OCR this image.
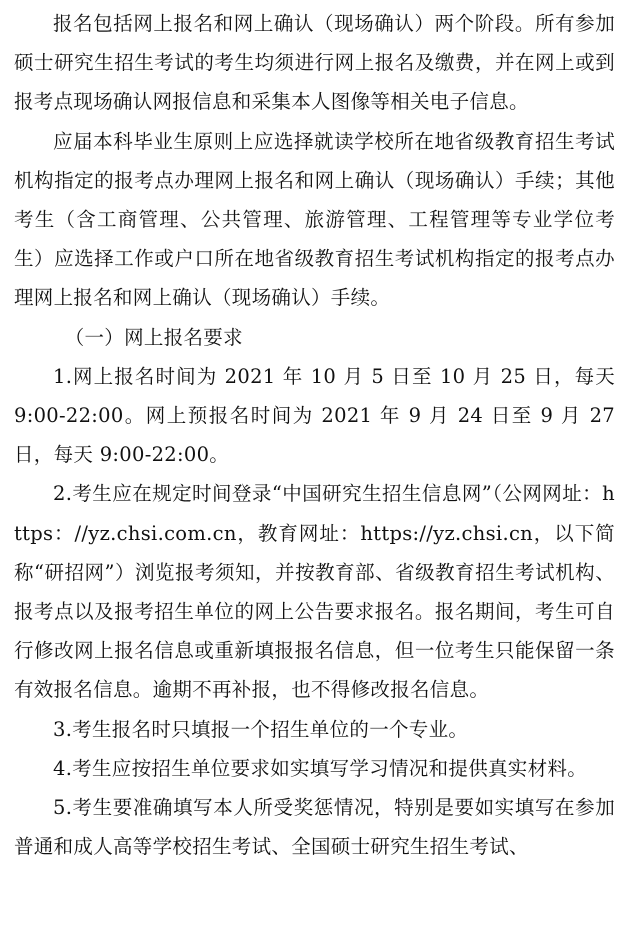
报名包括网上报名和网上确认（现场确认）两个阶段。所有参加硕士研究生招生考试的考生均须进行网上报名及缴费，并在网上或到报考点现场确认网报信息和采集本人图像等相关电子信息。

应届本科毕业生原则上应选择就读学校所在地省级教育招生考试机构指定的报考点办理网上报名和网上确认（现场确认）手续；其他考生（含工商管理、公共管理、旅游管理、工程管理等专业学位考生）应选择工作或户口所在地省级教育招生考试机构指定的报考点办理网上报名和网上确认（现场确认）手续。

（一）网上报名要求

1.网上报名时间为 2021 年 10 月 5 日至 10 月 25 日，每天 9:00-22:00。网上预报名时间为 2021 年 9 月 24 日至 9 月 27 日，每天 9:00-22:00。

2.考生应在规定时间登录“中国研究生招生信息网”（公网网址：https：//yz.chsi.com.cn，教育网址：https://yz.chsi.cn，以下简称“研招网”）浏览报考须知，并按教育部、省级教育招生考试机构、报考点以及报考招生单位的网上公告要求报名。报名期间，考生可自行修改网上报名信息或重新填报报名信息，但一位考生只能保留一条有效报名信息。逾期不再补报，也不得修改报名信息。

3.考生报名时只填报一个招生单位的一个专业。

4.考生应按招生单位要求如实填写学习情况和提供真实材料。

5.考生要准确填写本人所受奖惩情况，特别是要如实填写在参加普通和成人高等学校招生考试、全国硕士研究生招生考试、
